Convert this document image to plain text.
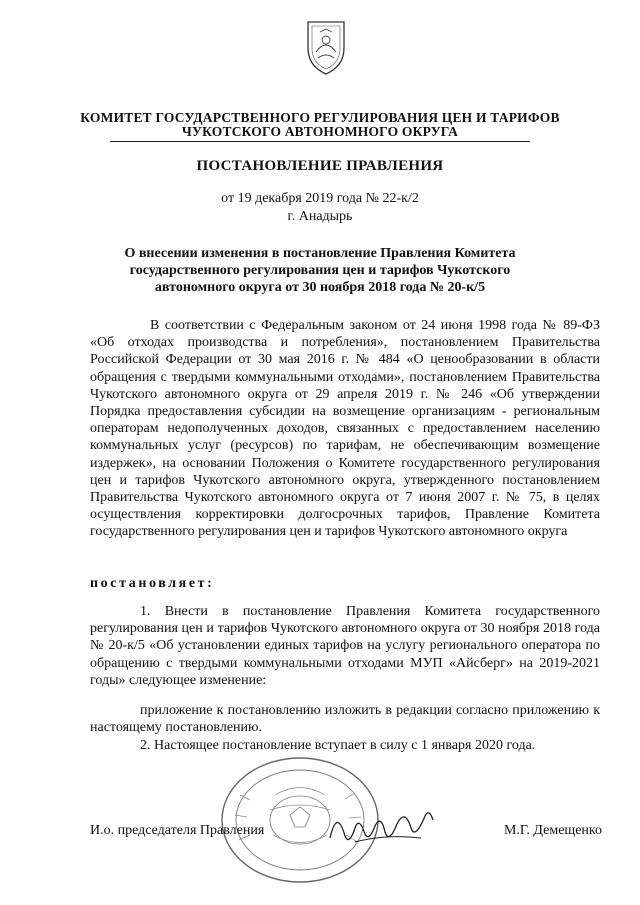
КОМИТЕТ ГОСУДАРСТВЕННОГО РЕГУЛИРОВАНИЯ ЦЕН И ТАРИФОВ
ЧУКОТСКОГО АВТОНОМНОГО ОКРУГА
ПОСТАНОВЛЕНИЕ ПРАВЛЕНИЯ
от 19 декабря 2019 года № 22-к/2
г. Анадырь
О внесении изменения в постановление Правления Комитета государственного регулирования цен и тарифов Чукотского автономного округа от 30 ноября 2018 года № 20-к/5
В соответствии с Федеральным законом от 24 июня 1998 года № 89-ФЗ «Об отходах производства и потребления», постановлением Правительства Российской Федерации от 30 мая 2016 г. № 484 «О ценообразовании в области обращения с твердыми коммунальными отходами», постановлением Правительства Чукотского автономного округа от 29 апреля 2019 г. № 246 «Об утверждении Порядка предоставления субсидии на возмещение организациям - региональным операторам недополученных доходов, связанных с предоставлением населению коммунальных услуг (ресурсов) по тарифам, не обеспечивающим возмещение издержек», на основании Положения о Комитете государственного регулирования цен и тарифов Чукотского автономного округа, утвержденного постановлением Правительства Чукотского автономного округа от 7 июня 2007 г. № 75, в целях осуществления корректировки долгосрочных тарифов, Правление Комитета государственного регулирования цен и тарифов Чукотского автономного округа
постановляет:
1. Внести в постановление Правления Комитета государственного регулирования цен и тарифов Чукотского автономного округа от 30 ноября 2018 года № 20-к/5 «Об установлении единых тарифов на услугу регионального оператора по обращению с твердыми коммунальными отходами МУП «Айсберг» на 2019-2021 годы» следующее изменение:
приложение к постановлению изложить в редакции согласно приложению к настоящему постановлению.
2. Настоящее постановление вступает в силу с 1 января 2020 года.
И.о. председателя Правления	М.Г. Демещенко
